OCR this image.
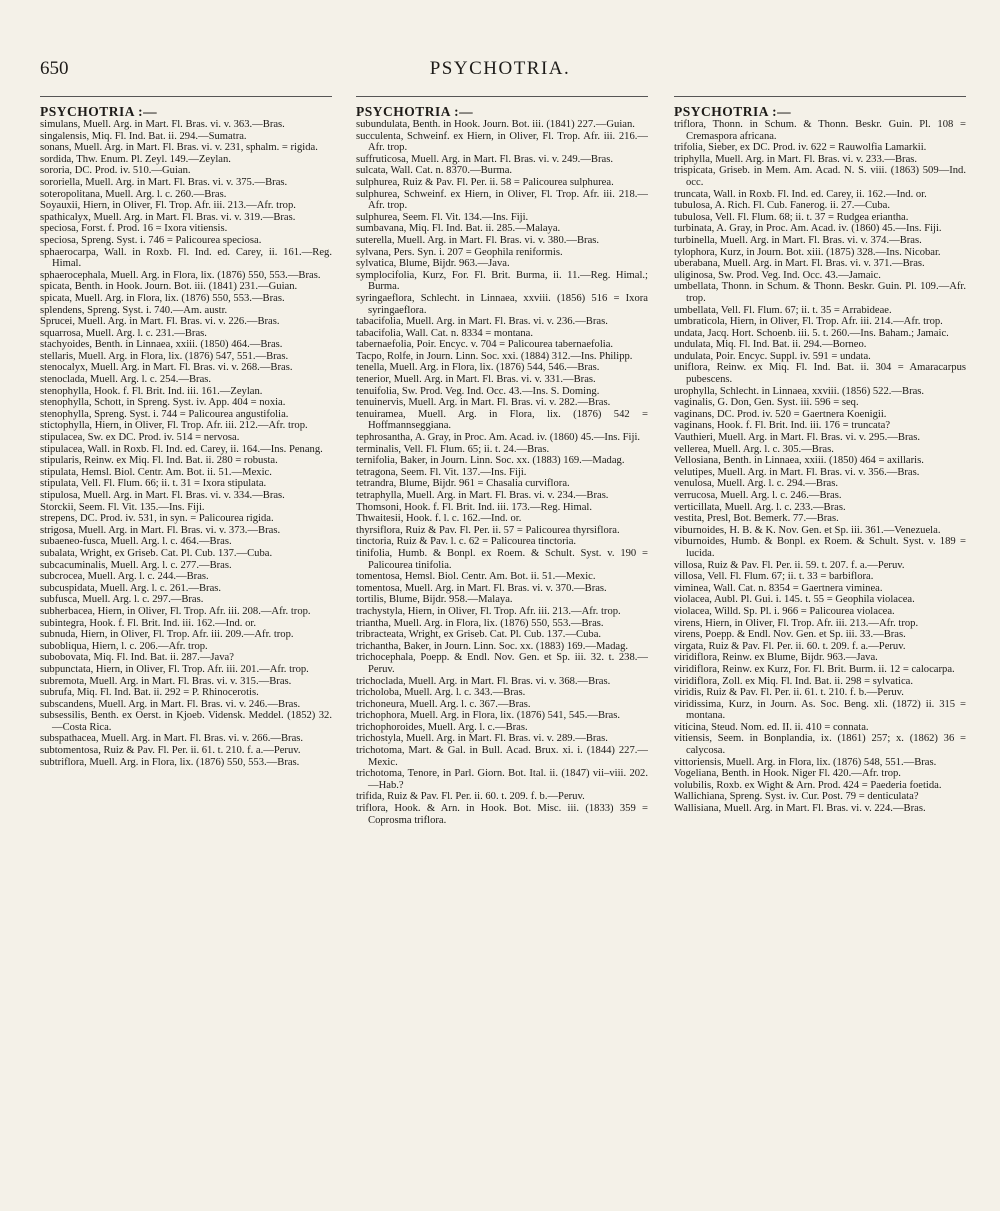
650	PSYCHOTRIA.
PSYCHOTRIA :—
simulans, Muell. Arg. in Mart. Fl. Bras. vi. v. 363.—Bras.
singalensis, Miq. Fl. Ind. Bat. ii. 294.—Sumatra.
sonans, Muell. Arg. in Mart. Fl. Bras. vi. v. 231, sphalm. = rigida.
sordida, Thw. Enum. Pl. Zeyl. 149.—Zeylan.
sororia, DC. Prod. iv. 510.—Guian.
sororiella, Muell. Arg. in Mart. Fl. Bras. vi. v. 375.—Bras.
soteropolitana, Muell. Arg. l. c. 260.—Bras.
Soyauxii, Hiern, in Oliver, Fl. Trop. Afr. iii. 213.—Afr. trop.
spathicalyx, Muell. Arg. in Mart. Fl. Bras. vi. v. 319.—Bras.
speciosa, Forst. f. Prod. 16 = Ixora vitiensis.
speciosa, Spreng. Syst. i. 746 = Palicourea speciosa.
sphaerocarpa, Wall. in Roxb. Fl. Ind. ed. Carey, ii. 161.—Reg. Himal.
sphaerocephala, Muell. Arg. in Flora, lix. (1876) 550, 553.—Bras.
spicata, Benth. in Hook. Journ. Bot. iii. (1841) 231.—Guian.
spicata, Muell. Arg. in Flora, lix. (1876) 550, 553.—Bras.
splendens, Spreng. Syst. i. 740.—Am. austr.
Sprucei, Muell. Arg. in Mart. Fl. Bras. vi. v. 226.—Bras.
squarrosa, Muell. Arg. l. c. 231.—Bras.
stachyoides, Benth. in Linnaea, xxiii. (1850) 464.—Bras.
stellaris, Muell. Arg. in Flora, lix. (1876) 547, 551.—Bras.
stenocalyx, Muell. Arg. in Mart. Fl. Bras. vi. v. 268.—Bras.
stenoclada, Muell. Arg. l. c. 254.—Bras.
stenophylla, Hook. f. Fl. Brit. Ind. iii. 161.—Zeylan.
stenophylla, Schott, in Spreng. Syst. iv. App. 404 = noxia.
stenophylla, Spreng. Syst. i. 744 = Palicourea angustifolia.
stictophylla, Hiern, in Oliver, Fl. Trop. Afr. iii. 212.—Afr. trop.
stipulacea, Sw. ex DC. Prod. iv. 514 = nervosa.
stipulacea, Wall. in Roxb. Fl. Ind. ed. Carey, ii. 164.—Ins. Penang.
stipularis, Reinw. ex Miq. Fl. Ind. Bat. ii. 280 = robusta.
stipulata, Hemsl. Biol. Centr. Am. Bot. ii. 51.—Mexic.
stipulata, Vell. Fl. Flum. 66; ii. t. 31 = Ixora stipulata.
stipulosa, Muell. Arg. in Mart. Fl. Bras. vi. v. 334.—Bras.
Storckii, Seem. Fl. Vit. 135.—Ins. Fiji.
strepens, DC. Prod. iv. 531, in syn. = Palicourea rigida.
strigosa, Muell. Arg. in Mart. Fl. Bras. vi. v. 373.—Bras.
subaeneo-fusca, Muell. Arg. l. c. 464.—Bras.
subalata, Wright, ex Griseb. Cat. Pl. Cub. 137.—Cuba.
subcacuminalis, Muell. Arg. l. c. 277.—Bras.
subcrocea, Muell. Arg. l. c. 244.—Bras.
subcuspidata, Muell. Arg. l. c. 261.—Bras.
subfusca, Muell. Arg. l. c. 297.—Bras.
subherbacea, Hiern, in Oliver, Fl. Trop. Afr. iii. 208.—Afr. trop.
subintegra, Hook. f. Fl. Brit. Ind. iii. 162.—Ind. or.
subnuda, Hiern, in Oliver, Fl. Trop. Afr. iii. 209.—Afr. trop.
subobliqua, Hiern, l. c. 206.—Afr. trop.
subobovata, Miq. Fl. Ind. Bat. ii. 287.—Java?
subpunctata, Hiern, in Oliver, Fl. Trop. Afr. iii. 201.—Afr. trop.
subremota, Muell. Arg. in Mart. Fl. Bras. vi. v. 315.—Bras.
subrufa, Miq. Fl. Ind. Bat. ii. 292 = P. Rhinocerotis.
subscandens, Muell. Arg. in Mart. Fl. Bras. vi. v. 246.—Bras.
subsessilis, Benth. ex Oerst. in Kjoeb. Vidensk. Meddel. (1852) 32.—Costa Rica.
subspathacea, Muell. Arg. in Mart. Fl. Bras. vi. v. 266.—Bras.
subtomentosa, Ruiz & Pav. Fl. Per. ii. 61. t. 210. f. a.—Peruv.
subtriflora, Muell. Arg. in Flora, lix. (1876) 550, 553.—Bras.
PSYCHOTRIA :—
subundulata, Benth. in Hook. Journ. Bot. iii. (1841) 227.—Guian.
succulenta, Schweinf. ex Hiern, in Oliver, Fl. Trop. Afr. iii. 216.—Afr. trop.
suffruticosa, Muell. Arg. in Mart. Fl. Bras. vi. v. 249.—Bras.
sulcata, Wall. Cat. n. 8370.—Burma.
sulphurea, Ruiz & Pav. Fl. Per. ii. 58 = Palicourea sulphurea.
sulphurea, Schweinf. ex Hiern, in Oliver, Fl. Trop. Afr. iii. 218.—Afr. trop.
sulphurea, Seem. Fl. Vit. 134.—Ins. Fiji.
sumbavana, Miq. Fl. Ind. Bat. ii. 285.—Malaya.
suterella, Muell. Arg. in Mart. Fl. Bras. vi. v. 380.—Bras.
sylvana, Pers. Syn. i. 207 = Geophila reniformis.
sylvatica, Blume, Bijdr. 963.—Java.
symplocifolia, Kurz, For. Fl. Brit. Burma, ii. 11.—Reg. Himal.; Burma.
syringaeflora, Schlecht. in Linnaea, xxviii. (1856) 516 = Ixora syringaeflora.
tabacifolia, Muell. Arg. in Mart. Fl. Bras. vi. v. 236.—Bras.
tabacifolia, Wall. Cat. n. 8334 = montana.
tabernaefolia, Poir. Encyc. v. 704 = Palicourea tabernaefolia.
Tacpo, Rolfe, in Journ. Linn. Soc. xxi. (1884) 312.—Ins. Philipp.
tenella, Muell. Arg. in Flora, lix. (1876) 544, 546.—Bras.
tenerior, Muell. Arg. in Mart. Fl. Bras. vi. v. 331.—Bras.
tenuifolia, Sw. Prod. Veg. Ind. Occ. 43.—Ins. S. Doming.
tenuinervis, Muell. Arg. in Mart. Fl. Bras. vi. v. 282.—Bras.
tenuiramea, Muell. Arg. in Flora, lix. (1876) 542 = Hoffmannseggiana.
tephrosantha, A. Gray, in Proc. Am. Acad. iv. (1860) 45.—Ins. Fiji.
terminalis, Vell. Fl. Flum. 65; ii. t. 24.—Bras.
ternifolia, Baker, in Journ. Linn. Soc. xx. (1883) 169.—Madag.
tetragona, Seem. Fl. Vit. 137.—Ins. Fiji.
tetrandra, Blume, Bijdr. 961 = Chasalia curviflora.
tetraphylla, Muell. Arg. in Mart. Fl. Bras. vi. v. 234.—Bras.
Thomsoni, Hook. f. Fl. Brit. Ind. iii. 173.—Reg. Himal.
Thwaitesii, Hook. f. l. c. 162.—Ind. or.
thyrsiflora, Ruiz & Pav. Fl. Per. ii. 57 = Palicourea thyrsiflora.
tinctoria, Ruiz & Pav. l. c. 62 = Palicourea tinctoria.
tinifolia, Humb. & Bonpl. ex Roem. & Schult. Syst. v. 190 = Palicourea tinifolia.
tomentosa, Hemsl. Biol. Centr. Am. Bot. ii. 51.—Mexic.
tomentosa, Muell. Arg. in Mart. Fl. Bras. vi. v. 370.—Bras.
tortilis, Blume, Bijdr. 958.—Malaya.
trachystyla, Hiern, in Oliver, Fl. Trop. Afr. iii. 213.—Afr. trop.
triantha, Muell. Arg. in Flora, lix. (1876) 550, 553.—Bras.
tribracteata, Wright, ex Griseb. Cat. Pl. Cub. 137.—Cuba.
trichantha, Baker, in Journ. Linn. Soc. xx. (1883) 169.—Madag.
trichocephala, Poepp. & Endl. Nov. Gen. et Sp. iii. 32. t. 238.—Peruv.
trichoclada, Muell. Arg. in Mart. Fl. Bras. vi. v. 368.—Bras.
tricholoba, Muell. Arg. l. c. 343.—Bras.
trichoneura, Muell. Arg. l. c. 367.—Bras.
trichophora, Muell. Arg. in Flora, lix. (1876) 541, 545.—Bras.
trichophoroides, Muell. Arg. l. c.—Bras.
trichostyla, Muell. Arg. in Mart. Fl. Bras. vi. v. 289.—Bras.
trichotoma, Mart. & Gal. in Bull. Acad. Brux. xi. i. (1844) 227.—Mexic.
trichotoma, Tenore, in Parl. Giorn. Bot. Ital. ii. (1847) vii–viii. 202.—Hab.?
trifida, Ruiz & Pav. Fl. Per. ii. 60. t. 209. f. b.—Peruv.
triflora, Hook. & Arn. in Hook. Bot. Misc. iii. (1833) 359 = Coprosma triflora.
PSYCHOTRIA :—
triflora, Thonn. in Schum. & Thonn. Beskr. Guin. Pl. 108 = Cremaspora africana.
trifolia, Sieber, ex DC. Prod. iv. 622 = Rauwolfia Lamarkii.
triphylla, Muell. Arg. in Mart. Fl. Bras. vi. v. 233.—Bras.
trispicata, Griseb. in Mem. Am. Acad. N. S. viii. (1863) 509—Ind. occ.
truncata, Wall. in Roxb. Fl. Ind. ed. Carey, ii. 162.—Ind. or.
tubulosa, A. Rich. Fl. Cub. Fanerog. ii. 27.—Cuba.
tubulosa, Vell. Fl. Flum. 68; ii. t. 37 = Rudgea eriantha.
turbinata, A. Gray, in Proc. Am. Acad. iv. (1860) 45.—Ins. Fiji.
turbinella, Muell. Arg. in Mart. Fl. Bras. vi. v. 374.—Bras.
tylophora, Kurz, in Journ. Bot. xiii. (1875) 328.—Ins. Nicobar.
uberabana, Muell. Arg. in Mart. Fl. Bras. vi. v. 371.—Bras.
uliginosa, Sw. Prod. Veg. Ind. Occ. 43.—Jamaic.
umbellata, Thonn. in Schum. & Thonn. Beskr. Guin. Pl. 109.—Afr. trop.
umbellata, Vell. Fl. Flum. 67; ii. t. 35 = Arrabideae.
umbraticola, Hiern, in Oliver, Fl. Trop. Afr. iii. 214.—Afr. trop.
undata, Jacq. Hort. Schoenb. iii. 5. t. 260.—Ins. Baham.; Jamaic.
undulata, Miq. Fl. Ind. Bat. ii. 294.—Borneo.
undulata, Poir. Encyc. Suppl. iv. 591 = undata.
uniflora, Reinw. ex Miq. Fl. Ind. Bat. ii. 304 = Amaracarpus pubescens.
urophylla, Schlecht. in Linnaea, xxviii. (1856) 522.—Bras.
vaginalis, G. Don, Gen. Syst. iii. 596 = seq.
vaginans, DC. Prod. iv. 520 = Gaertnera Koenigii.
vaginans, Hook. f. Fl. Brit. Ind. iii. 176 = truncata?
Vauthieri, Muell. Arg. in Mart. Fl. Bras. vi. v. 295.—Bras.
vellerea, Muell. Arg. l. c. 305.—Bras.
Vellosiana, Benth. in Linnaea, xxiii. (1850) 464 = axillaris.
velutipes, Muell. Arg. in Mart. Fl. Bras. vi. v. 356.—Bras.
venulosa, Muell. Arg. l. c. 294.—Bras.
verrucosa, Muell. Arg. l. c. 246.—Bras.
verticillata, Muell. Arg. l. c. 233.—Bras.
vestita, Presl, Bot. Bemerk. 77.—Bras.
viburnoides, H. B. & K. Nov. Gen. et Sp. iii. 361.—Venezuela.
viburnoides, Humb. & Bonpl. ex Roem. & Schult. Syst. v. 189 = lucida.
villosa, Ruiz & Pav. Fl. Per. ii. 59. t. 207. f. a.—Peruv.
villosa, Vell. Fl. Flum. 67; ii. t. 33 = barbiflora.
viminea, Wall. Cat. n. 8354 = Gaertnera viminea.
violacea, Aubl. Pl. Gui. i. 145. t. 55 = Geophila violacea.
violacea, Willd. Sp. Pl. i. 966 = Palicourea violacea.
virens, Hiern, in Oliver, Fl. Trop. Afr. iii. 213.—Afr. trop.
virens, Poepp. & Endl. Nov. Gen. et Sp. iii. 33.—Bras.
virgata, Ruiz & Pav. Fl. Per. ii. 60. t. 209. f. a.—Peruv.
viridiflora, Reinw. ex Blume, Bijdr. 963.—Java.
viridiflora, Reinw. ex Kurz, For. Fl. Brit. Burm. ii. 12 = calocarpa.
viridiflora, Zoll. ex Miq. Fl. Ind. Bat. ii. 298 = sylvatica.
viridis, Ruiz & Pav. Fl. Per. ii. 61. t. 210. f. b.—Peruv.
viridissima, Kurz, in Journ. As. Soc. Beng. xli. (1872) ii. 315 = montana.
viticina, Steud. Nom. ed. II. ii. 410 = connata.
vitiensis, Seem. in Bonplandia, ix. (1861) 257; x. (1862) 36 = calycosa.
vittoriensis, Muell. Arg. in Flora, lix. (1876) 548, 551.—Bras.
Vogeliana, Benth. in Hook. Niger Fl. 420.—Afr. trop.
volubilis, Roxb. ex Wight & Arn. Prod. 424 = Paederia foetida.
Wallichiana, Spreng. Syst. iv. Cur. Post. 79 = denticulata?
Wallisiana, Muell. Arg. in Mart. Fl. Bras. vi. v. 224.—Bras.
